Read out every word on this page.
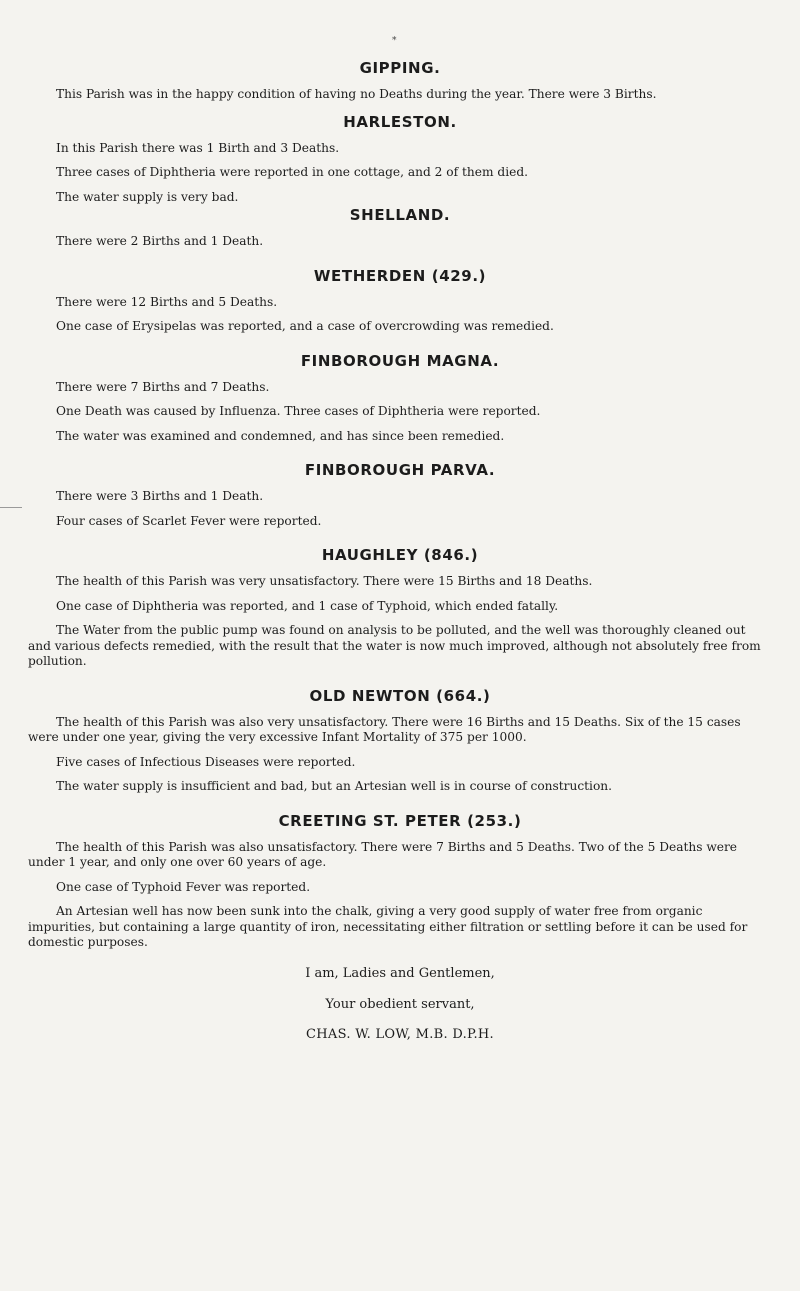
*
GIPPING.

This Parish was in the happy condition of having no Deaths during the year. There were 3 Births.

HARLESTON.

In this Parish there was 1 Birth and 3 Deaths.

Three cases of Diphtheria were reported in one cottage, and 2 of them died.

The water supply is very bad.

SHELLAND.

There were 2 Births and 1 Death.

WETHERDEN (429.)

There were 12 Births and 5 Deaths.

One case of Erysipelas was reported, and a case of overcrowding was remedied.

FINBOROUGH MAGNA.

There were 7 Births and 7 Deaths.

One Death was caused by Influenza. Three cases of Diphtheria were reported.

The water was examined and condemned, and has since been remedied.

FINBOROUGH PARVA.

There were 3 Births and 1 Death.

Four cases of Scarlet Fever were reported.

HAUGHLEY (846.)

The health of this Parish was very unsatisfactory. There were 15 Births and 18 Deaths.

One case of Diphtheria was reported, and 1 case of Typhoid, which ended fatally.

The Water from the public pump was found on analysis to be polluted, and the well was thoroughly cleaned out and various defects remedied, with the result that the water is now much improved, although not absolutely free from pollution.

OLD NEWTON (664.)

The health of this Parish was also very unsatisfactory. There were 16 Births and 15 Deaths. Six of the 15 cases were under one year, giving the very excessive Infant Mortality of 375 per 1000.

Five cases of Infectious Diseases were reported.

The water supply is insufficient and bad, but an Artesian well is in course of construction.

CREETING ST. PETER (253.)

The health of this Parish was also unsatisfactory. There were 7 Births and 5 Deaths. Two of the 5 Deaths were under 1 year, and only one over 60 years of age.

One case of Typhoid Fever was reported.

An Artesian well has now been sunk into the chalk, giving a very good supply of water free from organic impurities, but containing a large quantity of iron, necessitating either filtration or settling before it can be used for domestic purposes.

I am, Ladies and Gentlemen,

Your obedient servant,

CHAS. W. LOW, M.B. D.P.H.
